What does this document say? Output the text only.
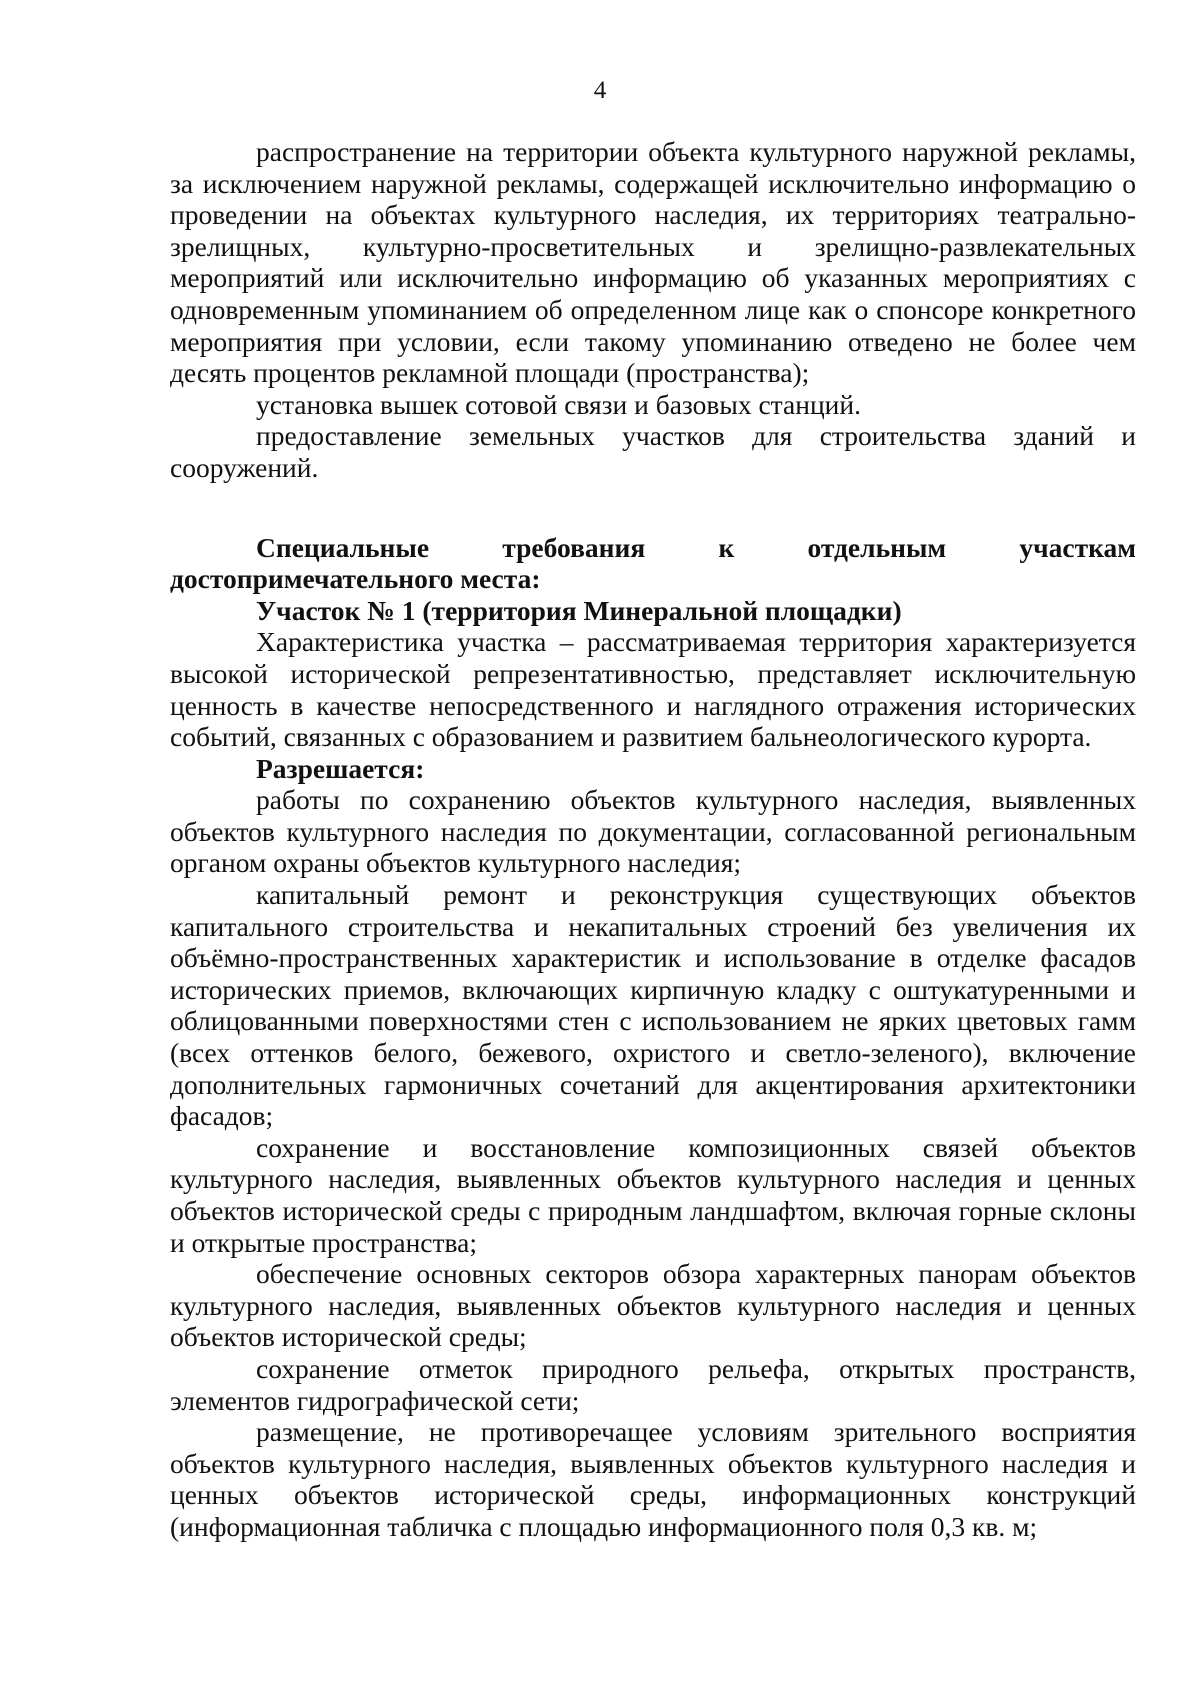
4

распространение на территории объекта культурного наружной рекламы, за исключением наружной рекламы, содержащей исключительно информацию о проведении на объектах культурного наследия, их территориях театрально-зрелищных, культурно-просветительных и зрелищно-развлекательных мероприятий или исключительно информацию об указанных мероприятиях с одновременным упоминанием об определенном лице как о спонсоре конкретного мероприятия при условии, если такому упоминанию отведено не более чем десять процентов рекламной площади (пространства);

установка вышек сотовой связи и базовых станций.

предоставление земельных участков для строительства зданий и сооружений.

Специальные требования к отдельным участкам достопримечательного места:

Участок № 1 (территория Минеральной площадки)

Характеристика участка – рассматриваемая территория характеризуется высокой исторической репрезентативностью, представляет исключительную ценность в качестве непосредственного и наглядного отражения исторических событий, связанных с образованием и развитием бальнеологического курорта.

Разрешается:

работы по сохранению объектов культурного наследия, выявленных объектов культурного наследия по документации, согласованной региональным органом охраны объектов культурного наследия;

капитальный ремонт и реконструкция существующих объектов капитального строительства и некапитальных строений без увеличения их объёмно-пространственных характеристик и использование в отделке фасадов исторических приемов, включающих кирпичную кладку с оштукатуренными и облицованными поверхностями стен с использованием не ярких цветовых гамм (всех оттенков белого, бежевого, охристого и светло-зеленого), включение дополнительных гармоничных сочетаний для акцентирования архитектоники фасадов;

сохранение и восстановление композиционных связей объектов культурного наследия, выявленных объектов культурного наследия и ценных объектов исторической среды с природным ландшафтом, включая горные склоны и открытые пространства;

обеспечение основных секторов обзора характерных панорам объектов культурного наследия, выявленных объектов культурного наследия и ценных объектов исторической среды;

сохранение отметок природного рельефа, открытых пространств, элементов гидрографической сети;

размещение, не противоречащее условиям зрительного восприятия объектов культурного наследия, выявленных объектов культурного наследия и ценных объектов исторической среды, информационных конструкций (информационная табличка с площадью информационного поля 0,3 кв. м;
